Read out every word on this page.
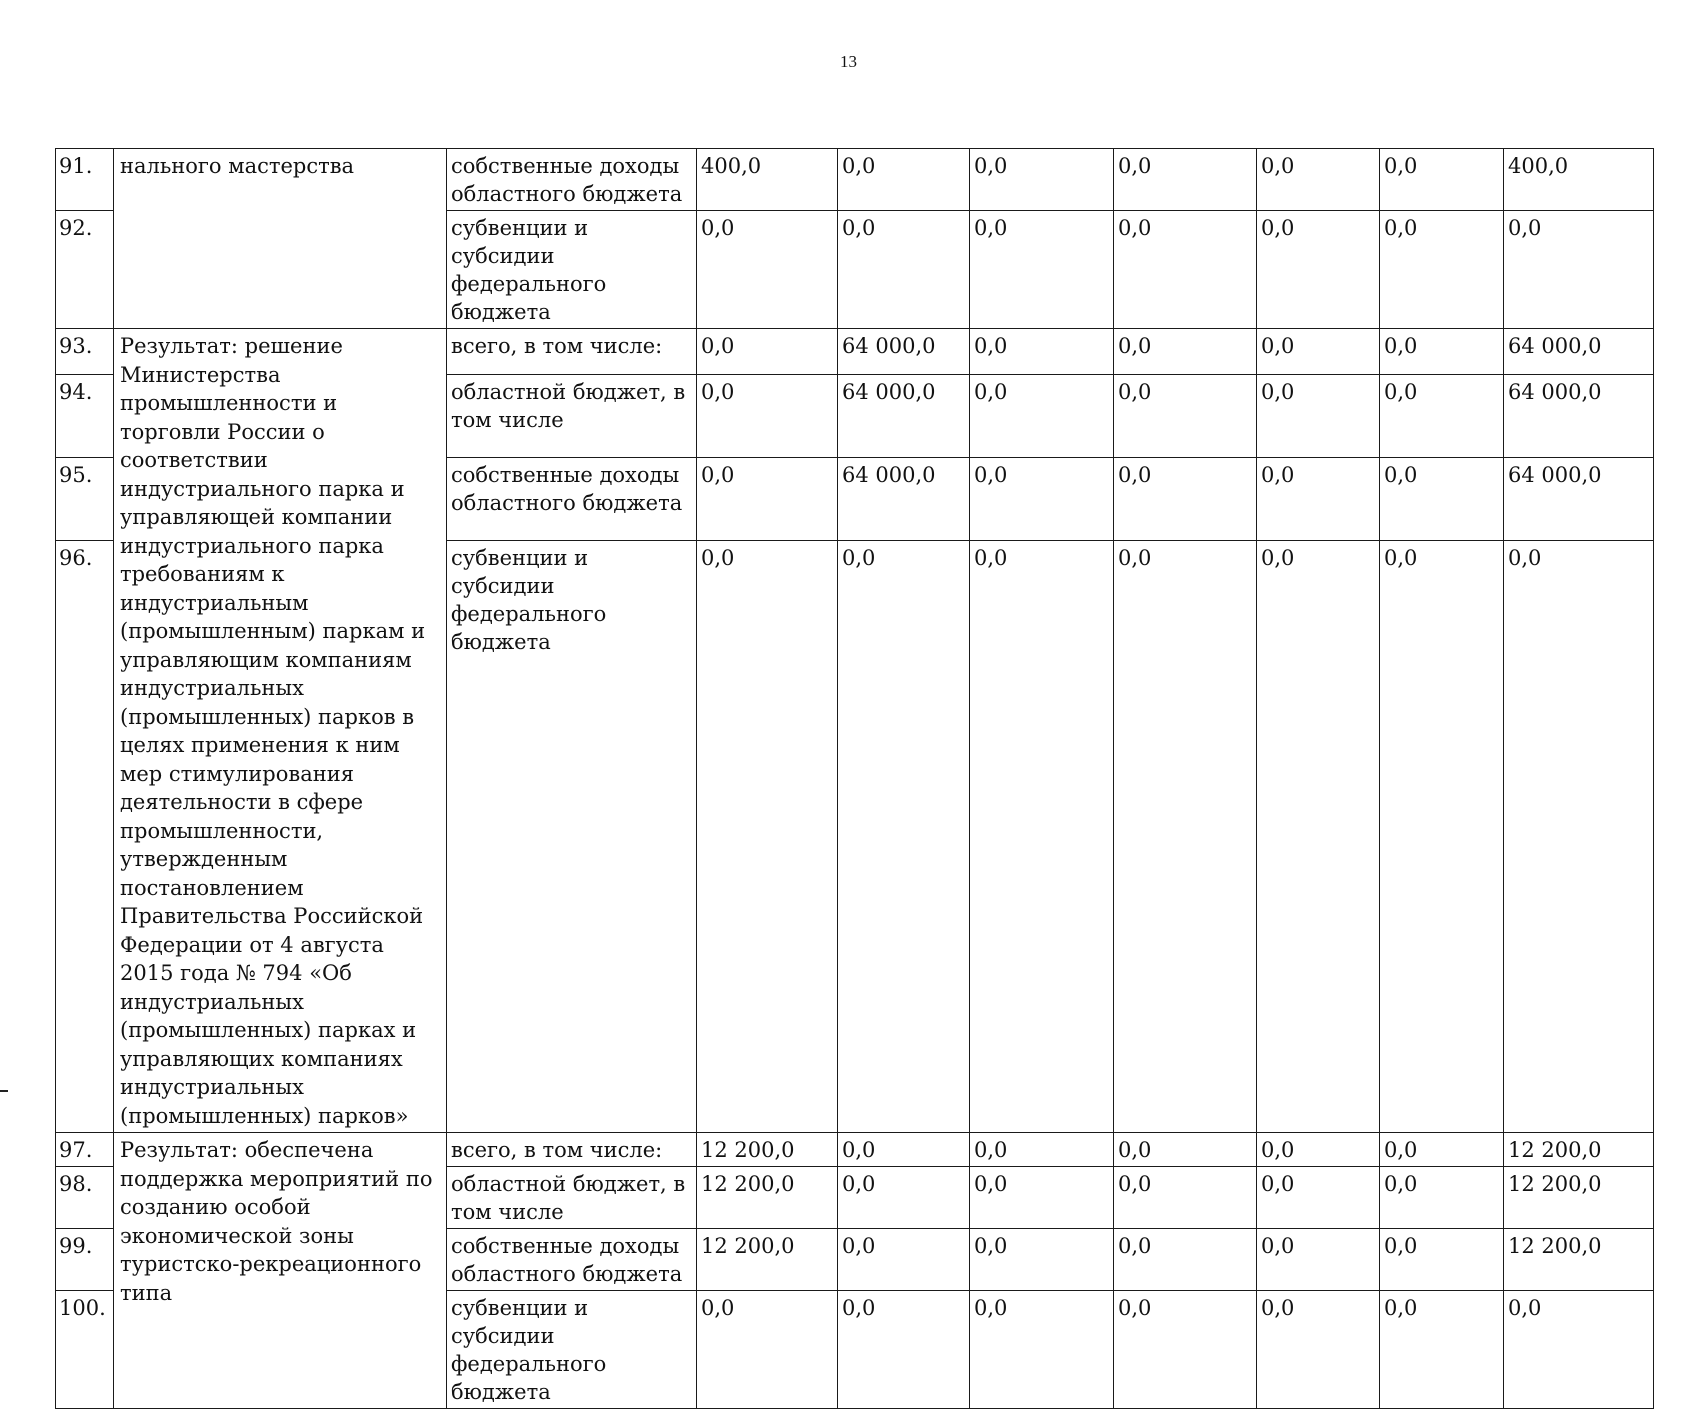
13
91.	нального мастерства	собственные доходы областного бюджета	400,0	0,0	0,0	0,0	0,0	0,0	400,0
92.		субвенции и субсидии федерального бюджета	0,0	0,0	0,0	0,0	0,0	0,0	0,0
93.	Результат: решение Министерства промышленности и торговли России о соответствии индустриального парка и управляющей компании индустриального парка требованиям к индустриальным (промышленным) паркам и управляющим компаниям индустриальных (промышленных) парков в целях применения к ним мер стимулирования деятельности в сфере промышленности, утвержденным постановлением Правительства Российской Федерации от 4 августа 2015 года № 794 «Об индустриальных (промышленных) парках и управляющих компаниях индустриальных (промышленных) парков»	всего, в том числе:	0,0	64 000,0	0,0	0,0	0,0	0,0	64 000,0
94.		областной бюджет, в том числе	0,0	64 000,0	0,0	0,0	0,0	0,0	64 000,0
95.		собственные доходы областного бюджета	0,0	64 000,0	0,0	0,0	0,0	0,0	64 000,0
96.		субвенции и субсидии федерального бюджета	0,0	0,0	0,0	0,0	0,0	0,0	0,0
97.	Результат: обеспечена поддержка мероприятий по созданию особой экономической зоны туристско-рекреационного типа	всего, в том числе:	12 200,0	0,0	0,0	0,0	0,0	0,0	12 200,0
98.		областной бюджет, в том числе	12 200,0	0,0	0,0	0,0	0,0	0,0	12 200,0
99.		собственные доходы областного бюджета	12 200,0	0,0	0,0	0,0	0,0	0,0	12 200,0
100.		субвенции и субсидии федерального бюджета	0,0	0,0	0,0	0,0	0,0	0,0	0,0
